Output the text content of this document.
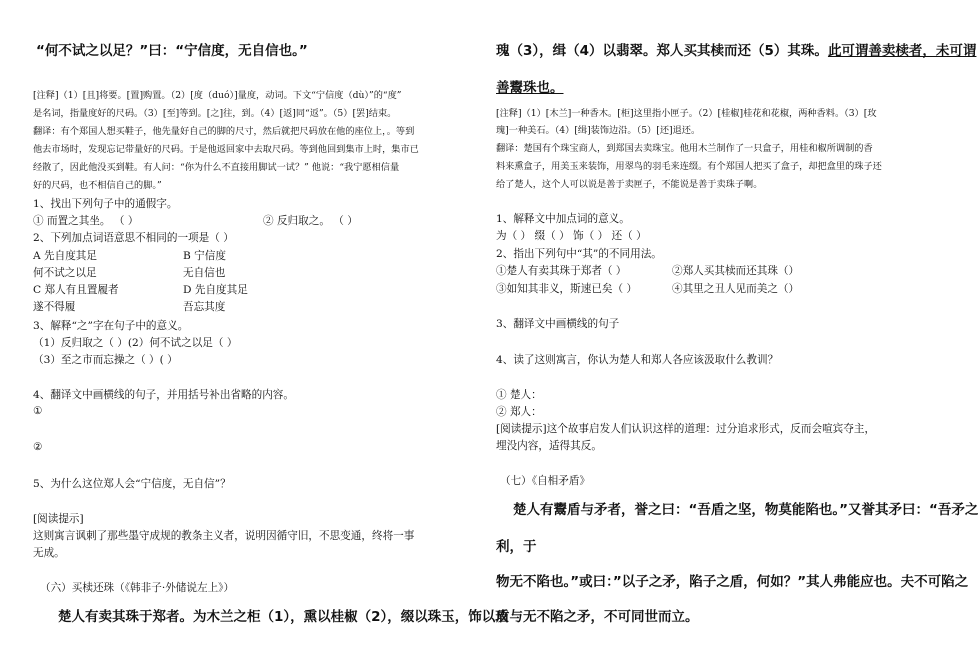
“何不试之以足？”曰：“宁信度，无自信也。”
[注释]（1）[且]将要。[置]购置。（2）[度（duó）]量度，动词。下文“宁信度（dù）”的“度”
是名词，指量度好的尺码。（3）[至]等到。[之]往，到。（4）[返]同“返”。（5）[罢]结束。
翻译：有个郑国人想买鞋子，他先量好自己的脚的尺寸，然后就把尺码放在他的座位上，。等到
他去市场时，发现忘记带量好的尺码。于是他返回家中去取尺码。等到他回到集市上时，集市已
经散了，因此他没买到鞋。有人问：“你为什么不直接用脚试一试？” 他说：“我宁愿相信量
好的尺码，也不相信自己的脚。”
1、找出下列句子中的通假字。
① 而置之其坐。 （ ）	② 反归取之。 （ ）
2、下列加点词语意思不相同的一项是（ ）
A 先自度其足	B 宁信度
何不试之以足	无自信也
C 郑人有且置履者	D 先自度其足
遂不得履	吾忘其度
3、解释“之”字在句子中的意义。
（1）反归取之（ ）(2）何不试之以足（ ）
（3）至之市而忘操之（ ）( ）
4、翻译文中画横线的句子，并用括号补出省略的内容。
①
②
5、为什么这位郑人会“宁信度，无自信”？
[阅读提示]
这则寓言讽刺了那些墨守成规的教条主义者，说明因循守旧，不思变通，终将一事
无成。
（六）买椟还珠（《韩非子·外储说左上》）
楚人有卖其珠于郑者。为木兰之柜（1），熏以桂椒（2），缀以珠玉，饰以玫
瑰（3），缉（4）以翡翠。郑人买其椟而还（5）其珠。此可谓善卖椟者，未可谓
善鬻珠也。
[注释]（1）[木兰]一种香木。[柜]这里指小匣子。（2）[桂椒]桂花和花椒，两种香料。（3）[玫
瑰]一种美石。（4）[缉]装饰边沿。（5）[还]退还。
翻译：楚国有个珠宝商人，到郑国去卖珠宝。他用木兰制作了一只盒子，用桂和椒所调制的香
料来熏盒子，用美玉来装饰，用翠鸟的羽毛来连缀。有个郑国人把买了盒子，却把盒里的珠子还
给了楚人，这个人可以说是善于卖匣子，不能说是善于卖珠子啊。
1、解释文中加点词的意义。
为（ ） 缀（ ） 饰（ ） 还（ ）
2、指出下列句中“其”的不同用法。
①楚人有卖其珠于郑者（ ）	②郑人买其椟而还其珠（）
③如知其非义，斯速已矣（ ）	④其里之丑人见而美之（）
3、翻译文中画横线的句子
4、读了这则寓言，你认为楚人和郑人各应该汲取什么教训？
① 楚人：
② 郑人：
[阅读提示]这个故事启发人们认识这样的道理：过分追求形式，反而会喧宾夺主，
埋没内容，适得其反。
（七）《自相矛盾》
楚人有鬻盾与矛者，誉之曰：“吾盾之坚，物莫能陷也。”又誉其矛曰：“吾矛之
利，于
物无不陷也。”或曰：”以子之矛，陷子之盾，何如？”其人弗能应也。夫不可陷之
盾与无不陷之矛，不可同世而立。
